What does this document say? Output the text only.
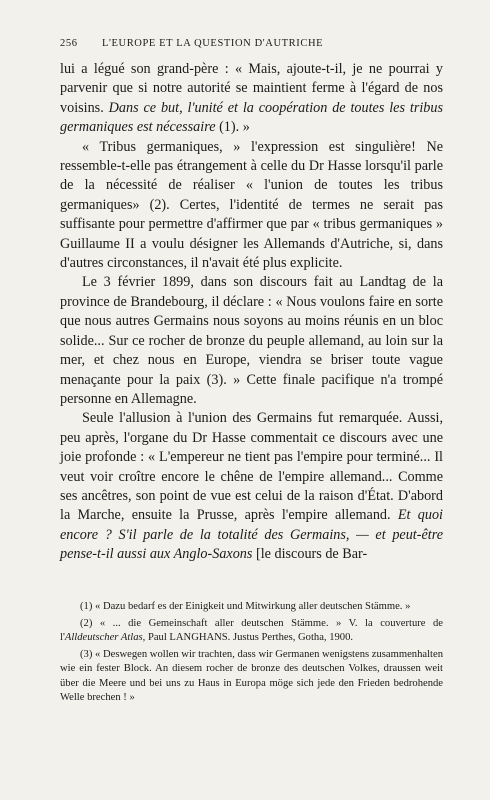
256 L'EUROPE ET LA QUESTION D'AUTRICHE

lui a légué son grand-père : « Mais, ajoute-t-il, je ne pourrai y parvenir que si notre autorité se maintient ferme à l'égard de nos voisins. Dans ce but, l'unité et la coopération de toutes les tribus germaniques est nécessaire (1). »

« Tribus germaniques, » l'expression est singulière! Ne ressemble-t-elle pas étrangement à celle du Dr Hasse lorsqu'il parle de la nécessité de réaliser « l'union de toutes les tribus germaniques» (2). Certes, l'identité de termes ne serait pas suffisante pour permettre d'affirmer que par « tribus germaniques » Guillaume II a voulu désigner les Allemands d'Autriche, si, dans d'autres circonstances, il n'avait été plus explicite.

Le 3 février 1899, dans son discours fait au Landtag de la province de Brandebourg, il déclare : « Nous voulons faire en sorte que nous autres Germains nous soyons au moins réunis en un bloc solide... Sur ce rocher de bronze du peuple allemand, au loin sur la mer, et chez nous en Europe, viendra se briser toute vague menaçante pour la paix (3). » Cette finale pacifique n'a trompé personne en Allemagne.

Seule l'allusion à l'union des Germains fut remarquée. Aussi, peu après, l'organe du Dr Hasse commentait ce discours avec une joie profonde : « L'empereur ne tient pas l'empire pour terminé... Il veut voir croître encore le chêne de l'empire allemand... Comme ses ancêtres, son point de vue est celui de la raison d'État. D'abord la Marche, ensuite la Prusse, après l'empire allemand. Et quoi encore ? S'il parle de la totalité des Germains, — et peut-être pense-t-il aussi aux Anglo-Saxons [le discours de Bar-

(1) « Dazu bedarf es der Einigkeit und Mitwirkung aller deutschen Stämme. »

(2) « ... die Gemeinschaft aller deutschen Stämme. » V. la couverture de l'Alldeutscher Atlas, Paul LANGHANS. Justus Perthes, Gotha, 1900.

(3) « Deswegen wollen wir trachten, dass wir Germanen wenigstens zusammenhalten wie ein fester Block. An diesem rocher de bronze des deutschen Volkes, draussen weit über die Meere und bei uns zu Haus in Europa möge sich jede den Frieden bedrohende Welle brechen ! »
